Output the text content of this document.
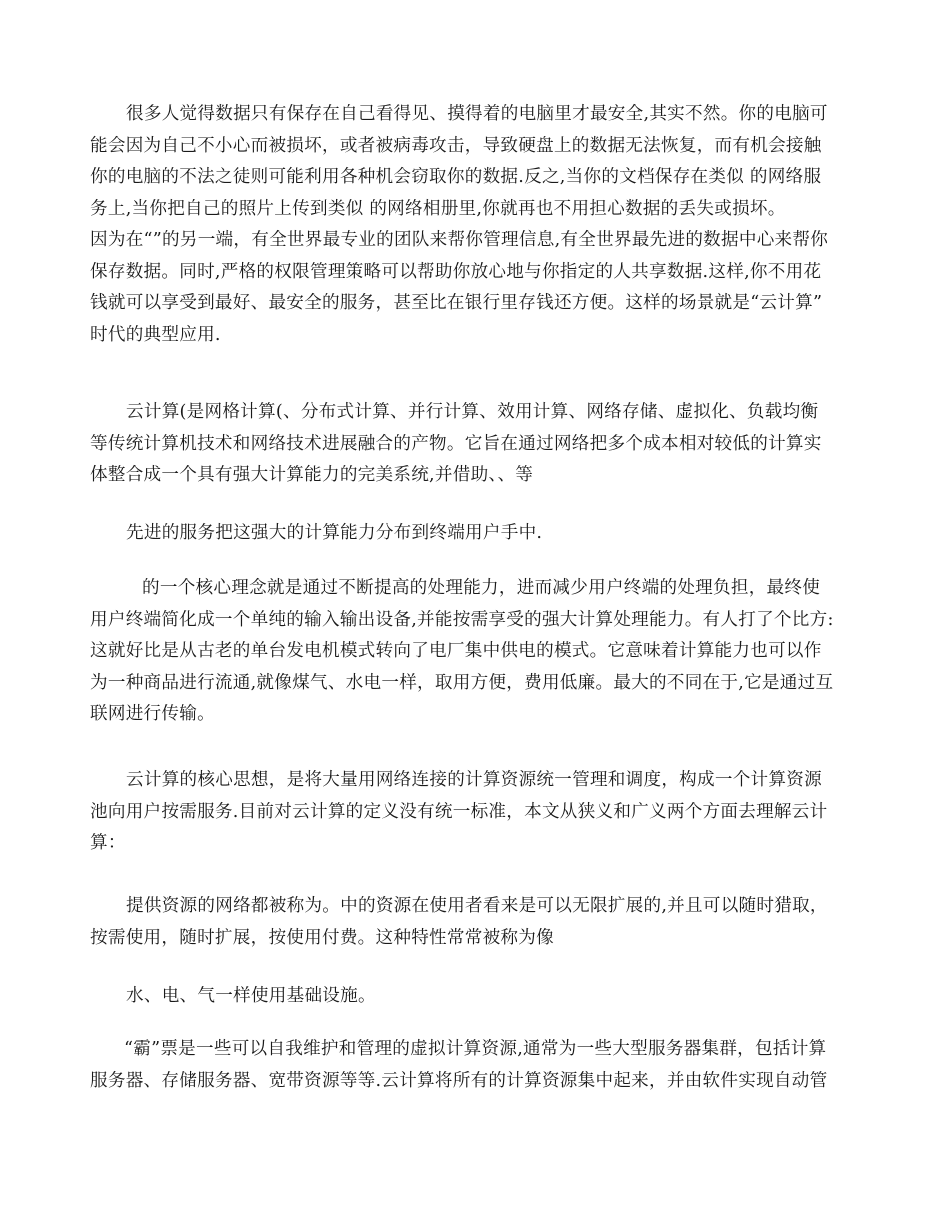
很多人觉得数据只有保存在自己看得见、摸得着的电脑里才最安全,其实不然。你的电脑可
能会因为自己不小心而被损坏，或者被病毒攻击，导致硬盘上的数据无法恢复，而有机会接触
你的电脑的不法之徒则可能利用各种机会窃取你的数据.反之,当你的文档保存在类似 的网络服
务上,当你把自己的照片上传到类似 的网络相册里,你就再也不用担心数据的丢失或损坏。
因为在“”的另一端，有全世界最专业的团队来帮你管理信息,有全世界最先进的数据中心来帮你
保存数据。同时,严格的权限管理策略可以帮助你放心地与你指定的人共享数据.这样,你不用花
钱就可以享受到最好、最安全的服务，甚至比在银行里存钱还方便。这样的场景就是“云计算”
时代的典型应用.
云计算(是网格计算(、分布式计算、并行计算、效用计算、网络存储、虚拟化、负载均衡
等传统计算机技术和网络技术进展融合的产物。它旨在通过网络把多个成本相对较低的计算实
体整合成一个具有强大计算能力的完美系统,并借助、、等
先进的服务把这强大的计算能力分布到终端用户手中.
的一个核心理念就是通过不断提高的处理能力，进而减少用户终端的处理负担，最终使
用户终端简化成一个单纯的输入输出设备,并能按需享受的强大计算处理能力。有人打了个比方:
这就好比是从古老的单台发电机模式转向了电厂集中供电的模式。它意味着计算能力也可以作
为一种商品进行流通,就像煤气、水电一样，取用方便，费用低廉。最大的不同在于,它是通过互
联网进行传输。
云计算的核心思想，是将大量用网络连接的计算资源统一管理和调度，构成一个计算资源
池向用户按需服务.目前对云计算的定义没有统一标准，本文从狭义和广义两个方面去理解云计
算：
提供资源的网络都被称为。中的资源在使用者看来是可以无限扩展的,并且可以随时猎取，
按需使用，随时扩展，按使用付费。这种特性常常被称为像
水、电、气一样使用基础设施。
“霸”票是一些可以自我维护和管理的虚拟计算资源,通常为一些大型服务器集群，包括计算
服务器、存储服务器、宽带资源等等.云计算将所有的计算资源集中起来，并由软件实现自动管
